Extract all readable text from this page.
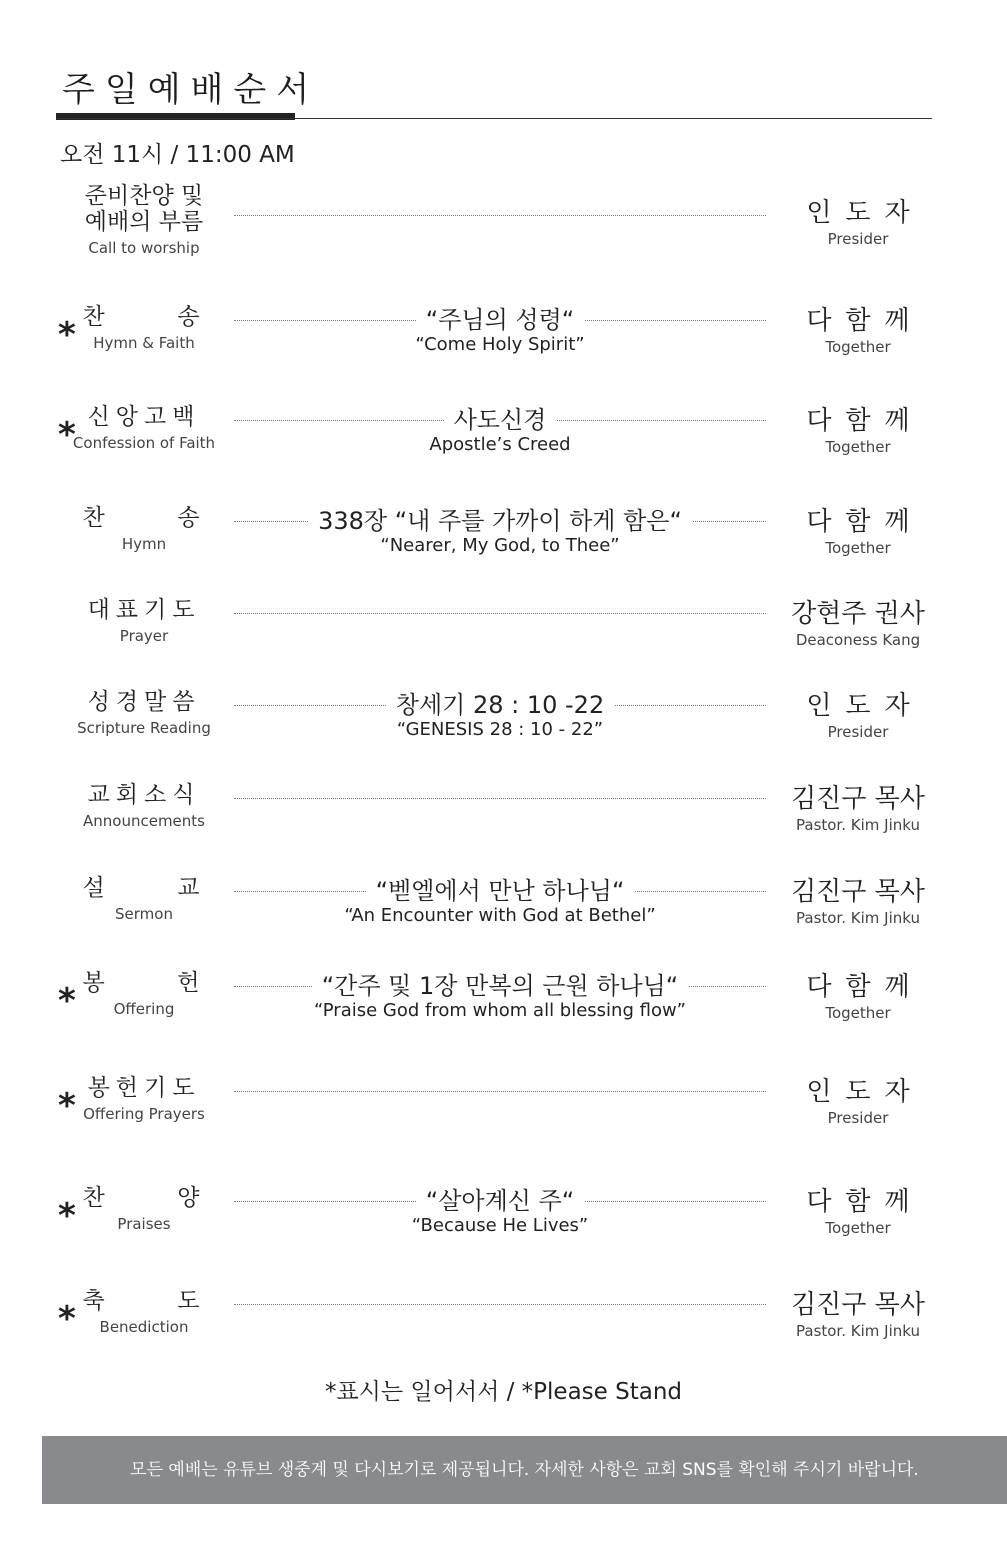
주일예배순서
오전 11시 / 11:00 AM
준비찬양 및
예배의 부름
Call to worship
인도자
Presider
* 찬     송
Hymn & Faith
“주님의 성령“
“Come Holy Spirit”
다함께
Together
* 신앙고백
Confession of Faith
사도신경
Apostle’s Creed
다함께
Together
찬     송
Hymn
338장 “내 주를 가까이 하게 함은“
“Nearer, My God, to Thee”
다함께
Together
대표기도
Prayer
강현주 권사
Deaconess Kang
성경말씀
Scripture Reading
창세기 28 : 10 -22
“GENESIS 28 : 10 - 22”
인도자
Presider
교회소식
Announcements
김진구 목사
Pastor. Kim Jinku
설     교
Sermon
“벧엘에서 만난 하나님“
“An Encounter with God at Bethel”
김진구 목사
Pastor. Kim Jinku
* 봉     헌
Offering
“간주 및 1장 만복의 근원 하나님“
“Praise God from whom all blessing flow”
다함께
Together
* 봉헌기도
Offering Prayers
인도자
Presider
* 찬     양
Praises
“살아계신 주“
“Because He Lives”
다함께
Together
* 축     도
Benediction
김진구 목사
Pastor. Kim Jinku
*표시는 일어서서 / *Please Stand
모든 예배는 유튜브 생중계 및 다시보기로 제공됩니다. 자세한 사항은 교회 SNS를 확인해 주시기 바랍니다.
